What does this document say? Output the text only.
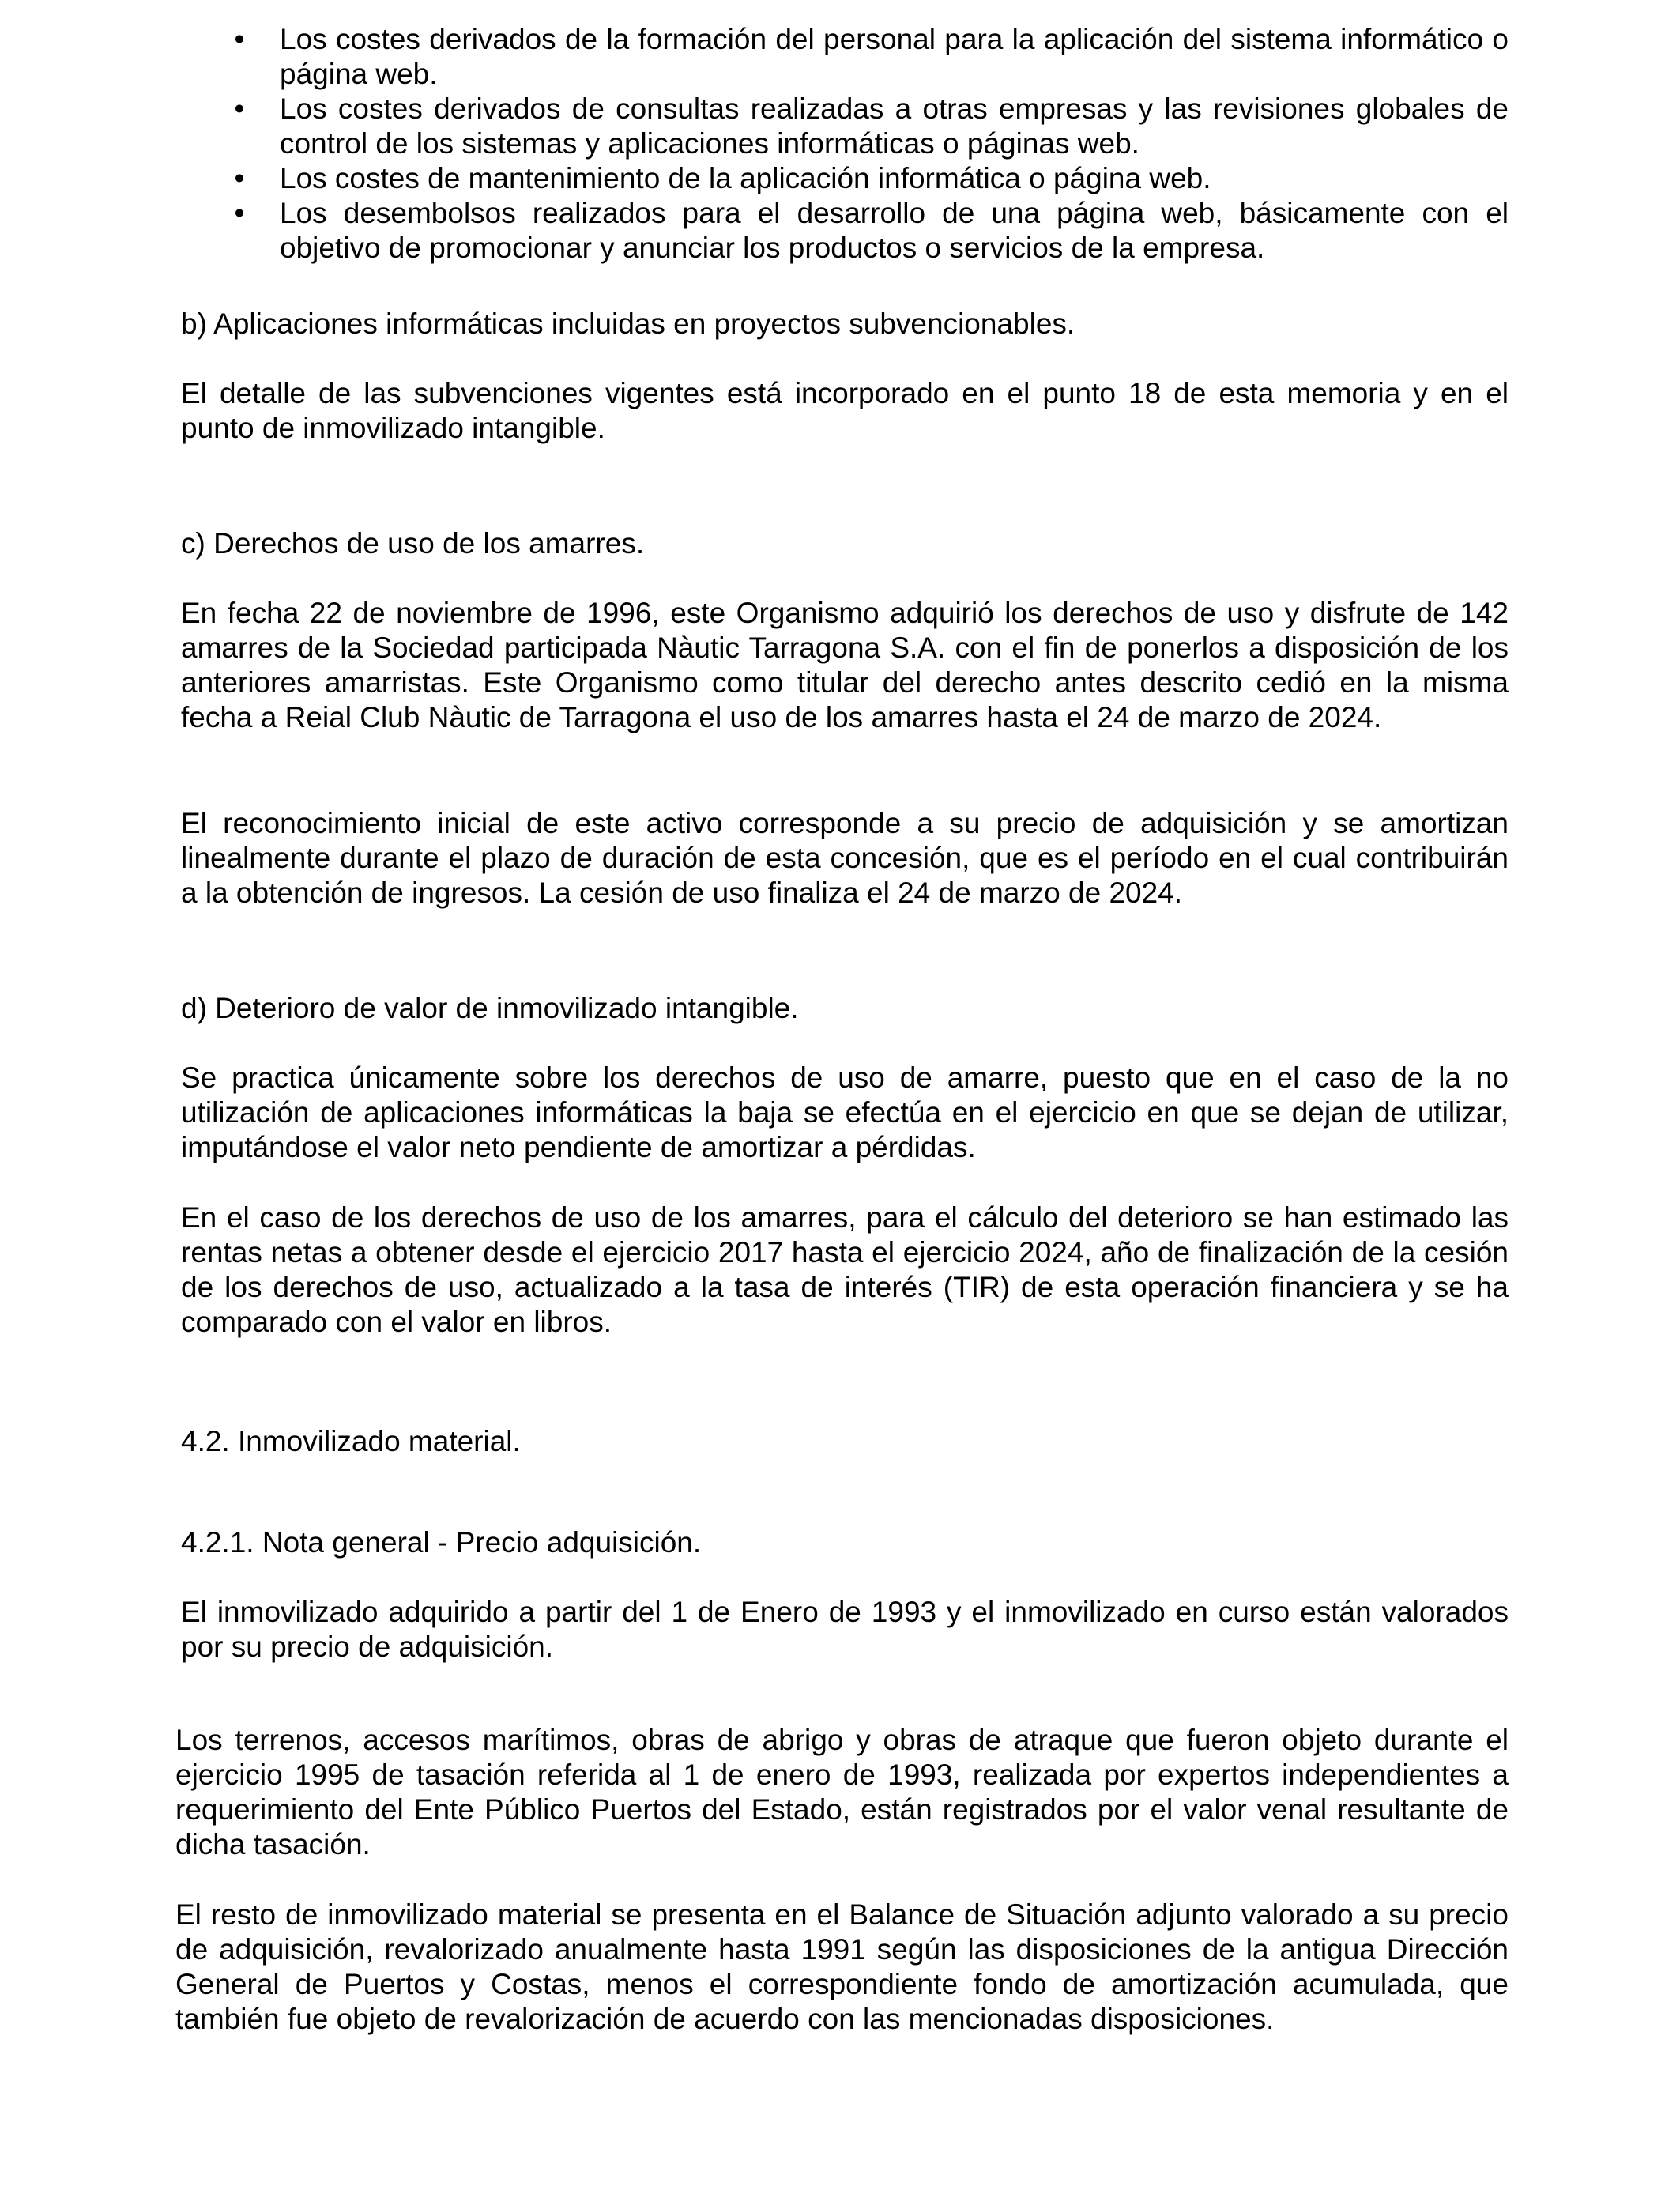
• Los costes derivados de la formación del personal para la aplicación del sistema informático o página web.
• Los costes derivados de consultas realizadas a otras empresas y las revisiones globales de control de los sistemas y aplicaciones informáticas o páginas web.
• Los costes de mantenimiento de la aplicación informática o página web.
• Los desembolsos realizados para el desarrollo de una página web, básicamente con el objetivo de promocionar y anunciar los productos o servicios de la empresa.

b) Aplicaciones informáticas incluidas en proyectos subvencionables.

El detalle de las subvenciones vigentes está incorporado en el punto 18 de esta memoria y en el punto de inmovilizado intangible.

c) Derechos de uso de los amarres.

En fecha 22 de noviembre de 1996, este Organismo adquirió los derechos de uso y disfrute de 142 amarres de la Sociedad participada Nàutic Tarragona S.A. con el fin de ponerlos a disposición de los anteriores amarristas. Este Organismo como titular del derecho antes descrito cedió en la misma fecha a Reial Club Nàutic de Tarragona el uso de los amarres hasta el 24 de marzo de 2024.

El reconocimiento inicial de este activo corresponde a su precio de adquisición y se amortizan linealmente durante el plazo de duración de esta concesión, que es el período en el cual contribuirán a la obtención de ingresos. La cesión de uso finaliza el 24 de marzo de 2024.

d) Deterioro de valor de inmovilizado intangible.

Se practica únicamente sobre los derechos de uso de amarre, puesto que en el caso de la no utilización de aplicaciones informáticas la baja se efectúa en el ejercicio en que se dejan de utilizar, imputándose el valor neto pendiente de amortizar a pérdidas.

En el caso de los derechos de uso de los amarres, para el cálculo del deterioro se han estimado las rentas netas a obtener desde el ejercicio 2017 hasta el ejercicio 2024, año de finalización de la cesión de los derechos de uso, actualizado a la tasa de interés (TIR) de esta operación financiera y se ha comparado con el valor en libros.

4.2. Inmovilizado material.

4.2.1. Nota general - Precio adquisición.

El inmovilizado adquirido a partir del 1 de Enero de 1993 y el inmovilizado en curso están valorados por su precio de adquisición.

Los terrenos, accesos marítimos, obras de abrigo y obras de atraque que fueron objeto durante el ejercicio 1995 de tasación referida al 1 de enero de 1993, realizada por expertos independientes a requerimiento del Ente Público Puertos del Estado, están registrados por el valor venal resultante de dicha tasación.

El resto de inmovilizado material se presenta en el Balance de Situación adjunto valorado a su precio de adquisición, revalorizado anualmente hasta 1991 según las disposiciones de la antigua Dirección General de Puertos y Costas, menos el correspondiente fondo de amortización acumulada, que también fue objeto de revalorización de acuerdo con las mencionadas disposiciones.
